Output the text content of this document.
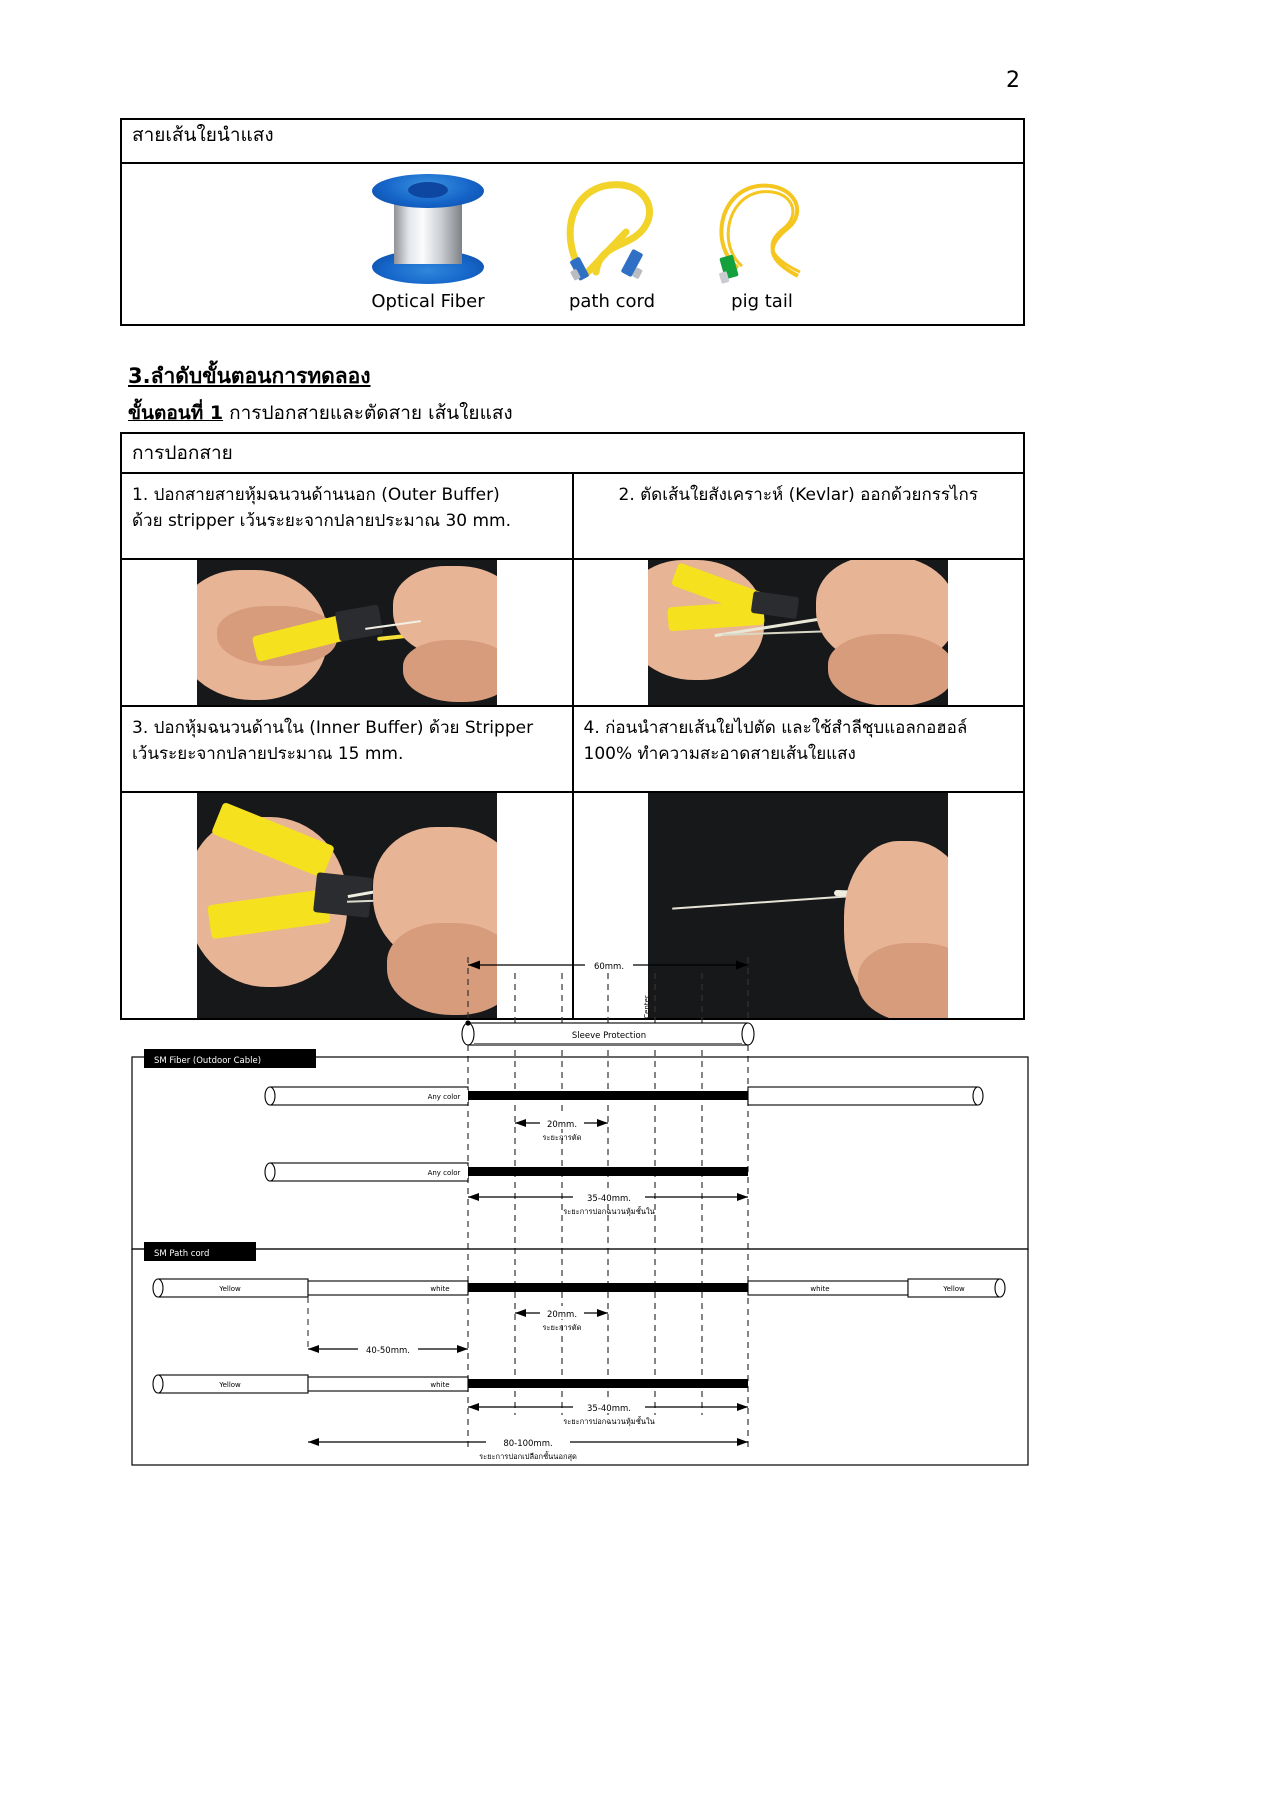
2
สายเส้นใยนำแสง

Optical Fiber	path cord	pig tail
3.ลำดับขั้นตอนการทดลอง
ขั้นตอนที่ 1 การปอกสายและตัดสาย เส้นใยแสง
การปอกสาย	

1. ปอกสายสายหุ้มฉนวนด้านนอก (Outer Buffer)
ด้วย stripper เว้นระยะจากปลายประมาณ 30 mm.	2. ตัดเส้นใยสังเคราะห์ (Kevlar) ออกด้วยกรรไกร

3. ปอกหุ้มฉนวนด้านใน (Inner Buffer) ด้วย Stripper
เว้นระยะจากปลายประมาณ 15 mm.

4. ก่อนนำสายเส้นใยไปตัด และใช้สำลีชุบแอลกอฮอล์
100% ทำความสะอาดสายเส้นใยแสง

60mm.
Center
Sleeve Protection
SM Fiber (Outdoor Cable)
Any color
20mm.
ระยะการตัด
Any color
35-40mm.
ระยะการปอกฉนวนหุ้มชั้นใน
SM Path cord
Yellow	white	white	Yellow
20mm.
ระยะการตัด
40-50mm.
Yellow	white
35-40mm.
ระยะการปอกฉนวนหุ้มชั้นใน
80-100mm.
ระยะการปอกเปลือกชั้นนอกสุด
